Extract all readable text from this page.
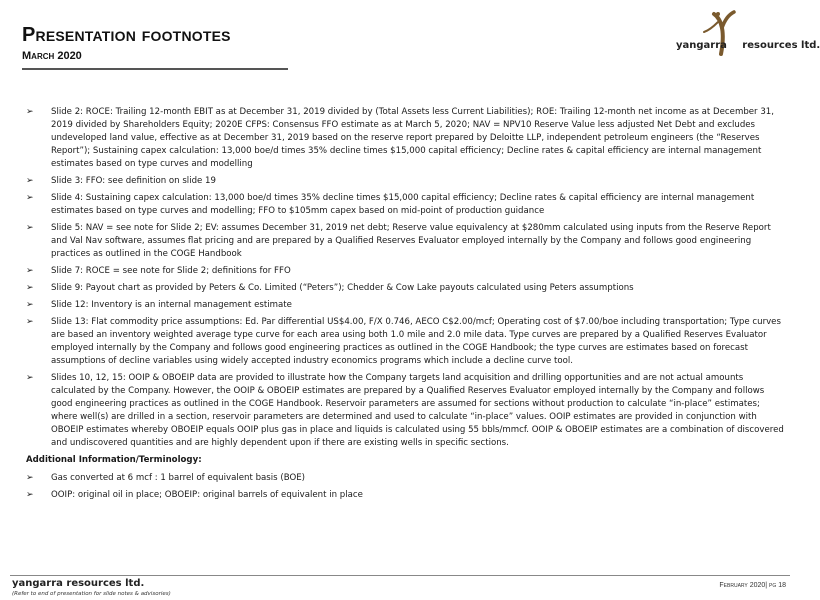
Presentation footnotes
March 2020
yangarra resources ltd.
➢ Slide 2: ROCE: Trailing 12-month EBIT as at December 31, 2019 divided by (Total Assets less Current Liabilities); ROE: Trailing 12-month net income as at December 31, 2019 divided by Shareholders Equity; 2020E CFPS: Consensus FFO estimate as at March 5, 2020; NAV = NPV10 Reserve Value less adjusted Net Debt and excludes undeveloped land value, effective as at December 31, 2019 based on the reserve report prepared by Deloitte LLP, independent petroleum engineers (the “Reserves Report”); Sustaining capex calculation: 13,000 boe/d times 35% decline times $15,000 capital efficiency; Decline rates & capital efficiency are internal management estimates based on type curves and modelling
➢ Slide 3: FFO: see definition on slide 19
➢ Slide 4: Sustaining capex calculation: 13,000 boe/d times 35% decline times $15,000 capital efficiency; Decline rates & capital efficiency are internal management estimates based on type curves and modelling; FFO to $105mm capex based on mid-point of production guidance
➢ Slide 5: NAV = see note for Slide 2; EV: assumes December 31, 2019 net debt; Reserve value equivalency at $280mm calculated using inputs from the Reserve Report and Val Nav software, assumes flat pricing and are prepared by a Qualified Reserves Evaluator employed internally by the Company and follows good engineering practices as outlined in the COGE Handbook
➢ Slide 7: ROCE = see note for Slide 2; definitions for FFO
➢ Slide 9: Payout chart as provided by Peters & Co. Limited (“Peters”); Chedder & Cow Lake payouts calculated using Peters assumptions
➢ Slide 12: Inventory is an internal management estimate
➢ Slide 13: Flat commodity price assumptions: Ed. Par differential US$4.00, F/X 0.746, AECO C$2.00/mcf; Operating cost of $7.00/boe including transportation; Type curves are based an inventory weighted average type curve for each area using both 1.0 mile and 2.0 mile data. Type curves are prepared by a Qualified Reserves Evaluator employed internally by the Company and follows good engineering practices as outlined in the COGE Handbook; the type curves are estimates based on forecast assumptions of decline variables using widely accepted industry economics programs which include a decline curve tool.
➢ Slides 10, 12, 15: OOIP & OBOEIP data are provided to illustrate how the Company targets land acquisition and drilling opportunities and are not actual amounts calculated by the Company. However, the OOIP & OBOEIP estimates are prepared by a Qualified Reserves Evaluator employed internally by the Company and follows good engineering practices as outlined in the COGE Handbook. Reservoir parameters are assumed for sections without production to calculate “in-place” estimates; where well(s) are drilled in a section, reservoir parameters are determined and used to calculate “in-place” values. OOIP estimates are provided in conjunction with OBOEIP estimates whereby OBOEIP equals OOIP plus gas in place and liquids is calculated using 55 bbls/mmcf. OOIP & OBOEIP estimates are a combination of discovered and undiscovered quantities and are highly dependent upon if there are existing wells in specific sections.
Additional Information/Terminology:
➢ Gas converted at 6 mcf : 1 barrel of equivalent basis (BOE)
➢ OOIP: original oil in place; OBOEIP: original barrels of equivalent in place
yangarra resources ltd.
(Refer to end of presentation for slide notes & advisories)
February 2020| pg 18
